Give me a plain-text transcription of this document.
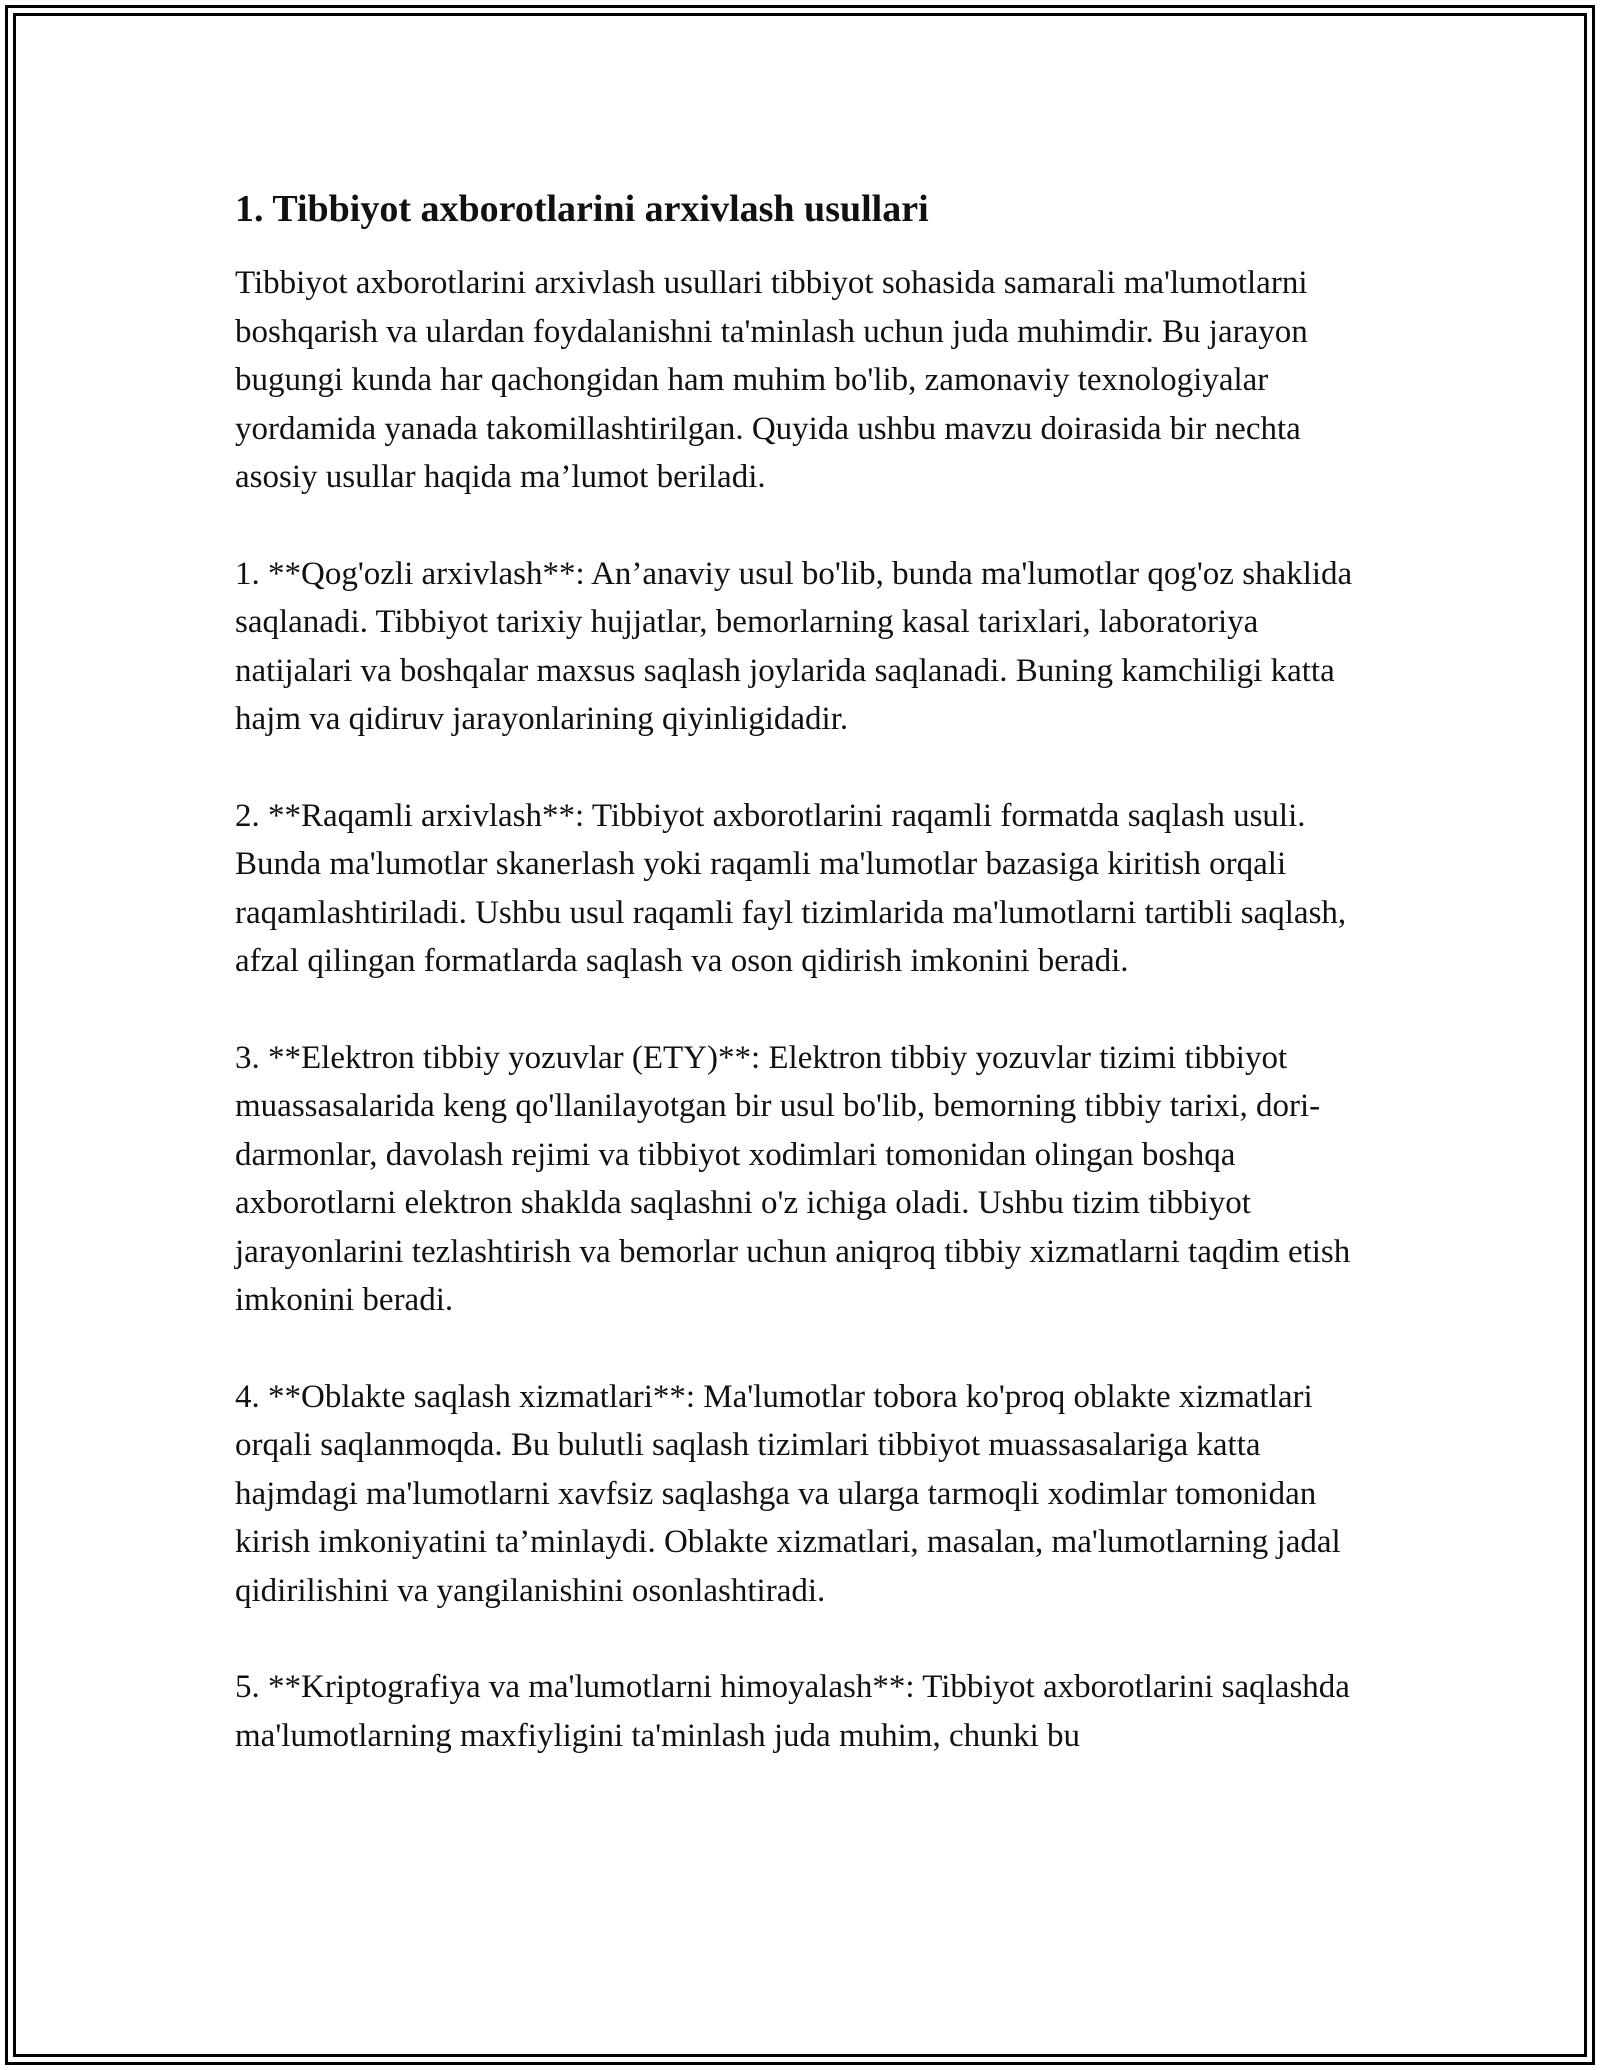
1. Tibbiyot axborotlarini arxivlash usullari

Tibbiyot axborotlarini arxivlash usullari tibbiyot sohasida samarali ma'lumotlarni boshqarish va ulardan foydalanishni ta'minlash uchun juda muhimdir. Bu jarayon bugungi kunda har qachongidan ham muhim bo'lib, zamonaviy texnologiyalar yordamida yanada takomillashtirilgan. Quyida ushbu mavzu doirasida bir nechta asosiy usullar haqida ma’lumot beriladi.

1. **Qog'ozli arxivlash**: An’anaviy usul bo'lib, bunda ma'lumotlar qog'oz shaklida saqlanadi. Tibbiyot tarixiy hujjatlar, bemorlarning kasal tarixlari, laboratoriya natijalari va boshqalar maxsus saqlash joylarida saqlanadi. Buning kamchiligi katta hajm va qidiruv jarayonlarining qiyinligidadir.

2. **Raqamli arxivlash**: Tibbiyot axborotlarini raqamli formatda saqlash usuli. Bunda ma'lumotlar skanerlash yoki raqamli ma'lumotlar bazasiga kiritish orqali raqamlashtiriladi. Ushbu usul raqamli fayl tizimlarida ma'lumotlarni tartibli saqlash, afzal qilingan formatlarda saqlash va oson qidirish imkonini beradi.

3. **Elektron tibbiy yozuvlar (ETY)**: Elektron tibbiy yozuvlar tizimi tibbiyot muassasalarida keng qo'llanilayotgan bir usul bo'lib, bemorning tibbiy tarixi, dori-darmonlar, davolash rejimi va tibbiyot xodimlari tomonidan olingan boshqa axborotlarni elektron shaklda saqlashni o'z ichiga oladi. Ushbu tizim tibbiyot jarayonlarini tezlashtirish va bemorlar uchun aniqroq tibbiy xizmatlarni taqdim etish imkonini beradi.

4. **Oblakte saqlash xizmatlari**: Ma'lumotlar tobora ko'proq oblakte xizmatlari orqali saqlanmoqda. Bu bulutli saqlash tizimlari tibbiyot muassasalariga katta hajmdagi ma'lumotlarni xavfsiz saqlashga va ularga tarmoqli xodimlar tomonidan kirish imkoniyatini ta’minlaydi. Oblakte xizmatlari, masalan, ma'lumotlarning jadal qidirilishini va yangilanishini osonlashtiradi.

5. **Kriptografiya va ma'lumotlarni himoyalash**: Tibbiyot axborotlarini saqlashda ma'lumotlarning maxfiyligini ta'minlash juda muhim, chunki bu
